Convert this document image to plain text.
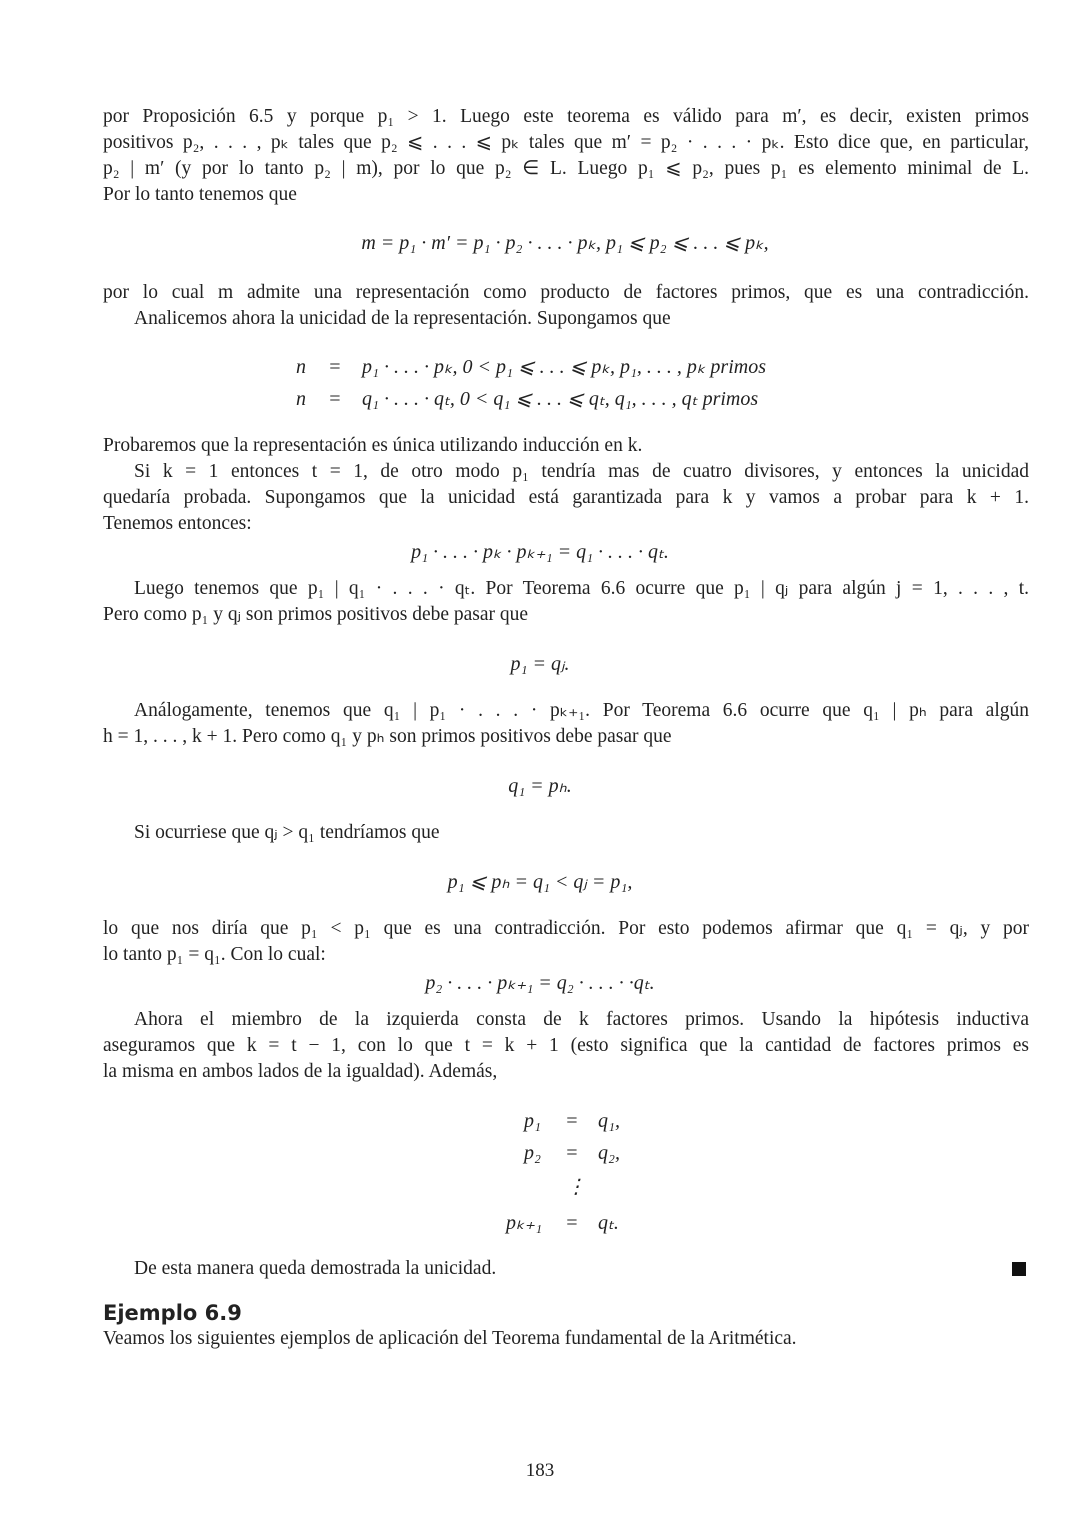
por Proposición 6.5 y porque p₁ > 1. Luego este teorema es válido para m′, es decir, existen primos
positivos p₂, . . . , pₖ tales que p₂ ⩽ . . . ⩽ pₖ tales que m′ = p₂ · . . . · pₖ. Esto dice que, en particular,
p₂ | m′ (y por lo tanto p₂ | m), por lo que p₂ ∈ L. Luego p₁ ⩽ p₂, pues p₁ es elemento minimal de L.
Por lo tanto tenemos que
m = p₁ · m′ = p₁ · p₂ · . . . · pₖ, p₁ ⩽ p₂ ⩽ . . . ⩽ pₖ,
por lo cual m admite una representación como producto de factores primos, que es una contradicción.
Analicemos ahora la unicidad de la representación. Supongamos que
n = p₁ · . . . · pₖ, 0 < p₁ ⩽ . . . ⩽ pₖ, p₁, . . . , pₖ primos
n = q₁ · . . . · qₜ, 0 < q₁ ⩽ . . . ⩽ qₜ, q₁, . . . , qₜ primos
Probaremos que la representación es única utilizando inducción en k.
Si k = 1 entonces t = 1, de otro modo p₁ tendría mas de cuatro divisores, y entonces la unicidad
quedaría probada. Supongamos que la unicidad está garantizada para k y vamos a probar para k + 1.
Tenemos entonces:
p₁ · . . . · pₖ · pₖ₊₁ = q₁ · . . . · qₜ.
Luego tenemos que p₁ | q₁ · . . . · qₜ. Por Teorema 6.6 ocurre que p₁ | qⱼ para algún j = 1, . . . , t.
Pero como p₁ y qⱼ son primos positivos debe pasar que
p₁ = qⱼ.
Análogamente, tenemos que q₁ | p₁ · . . . · pₖ₊₁. Por Teorema 6.6 ocurre que q₁ | pₕ para algún
h = 1, . . . , k + 1. Pero como q₁ y pₕ son primos positivos debe pasar que
q₁ = pₕ.
Si ocurriese que qⱼ > q₁ tendríamos que
p₁ ⩽ pₕ = q₁ < qⱼ = p₁,
lo que nos diría que p₁ < p₁ que es una contradicción. Por esto podemos afirmar que q₁ = qⱼ, y por
lo tanto p₁ = q₁. Con lo cual:
p₂ · . . . · pₖ₊₁ = q₂ · . . . · ·qₜ.
Ahora el miembro de la izquierda consta de k factores primos. Usando la hipótesis inductiva
aseguramos que k = t − 1, con lo que t = k + 1 (esto significa que la cantidad de factores primos es
la misma en ambos lados de la igualdad). Además,
p₁ = q₁,
p₂ = q₂,
⋮
pₖ₊₁ = qₜ.
De esta manera queda demostrada la unicidad.
Ejemplo 6.9
Veamos los siguientes ejemplos de aplicación del Teorema fundamental de la Aritmética.
183
